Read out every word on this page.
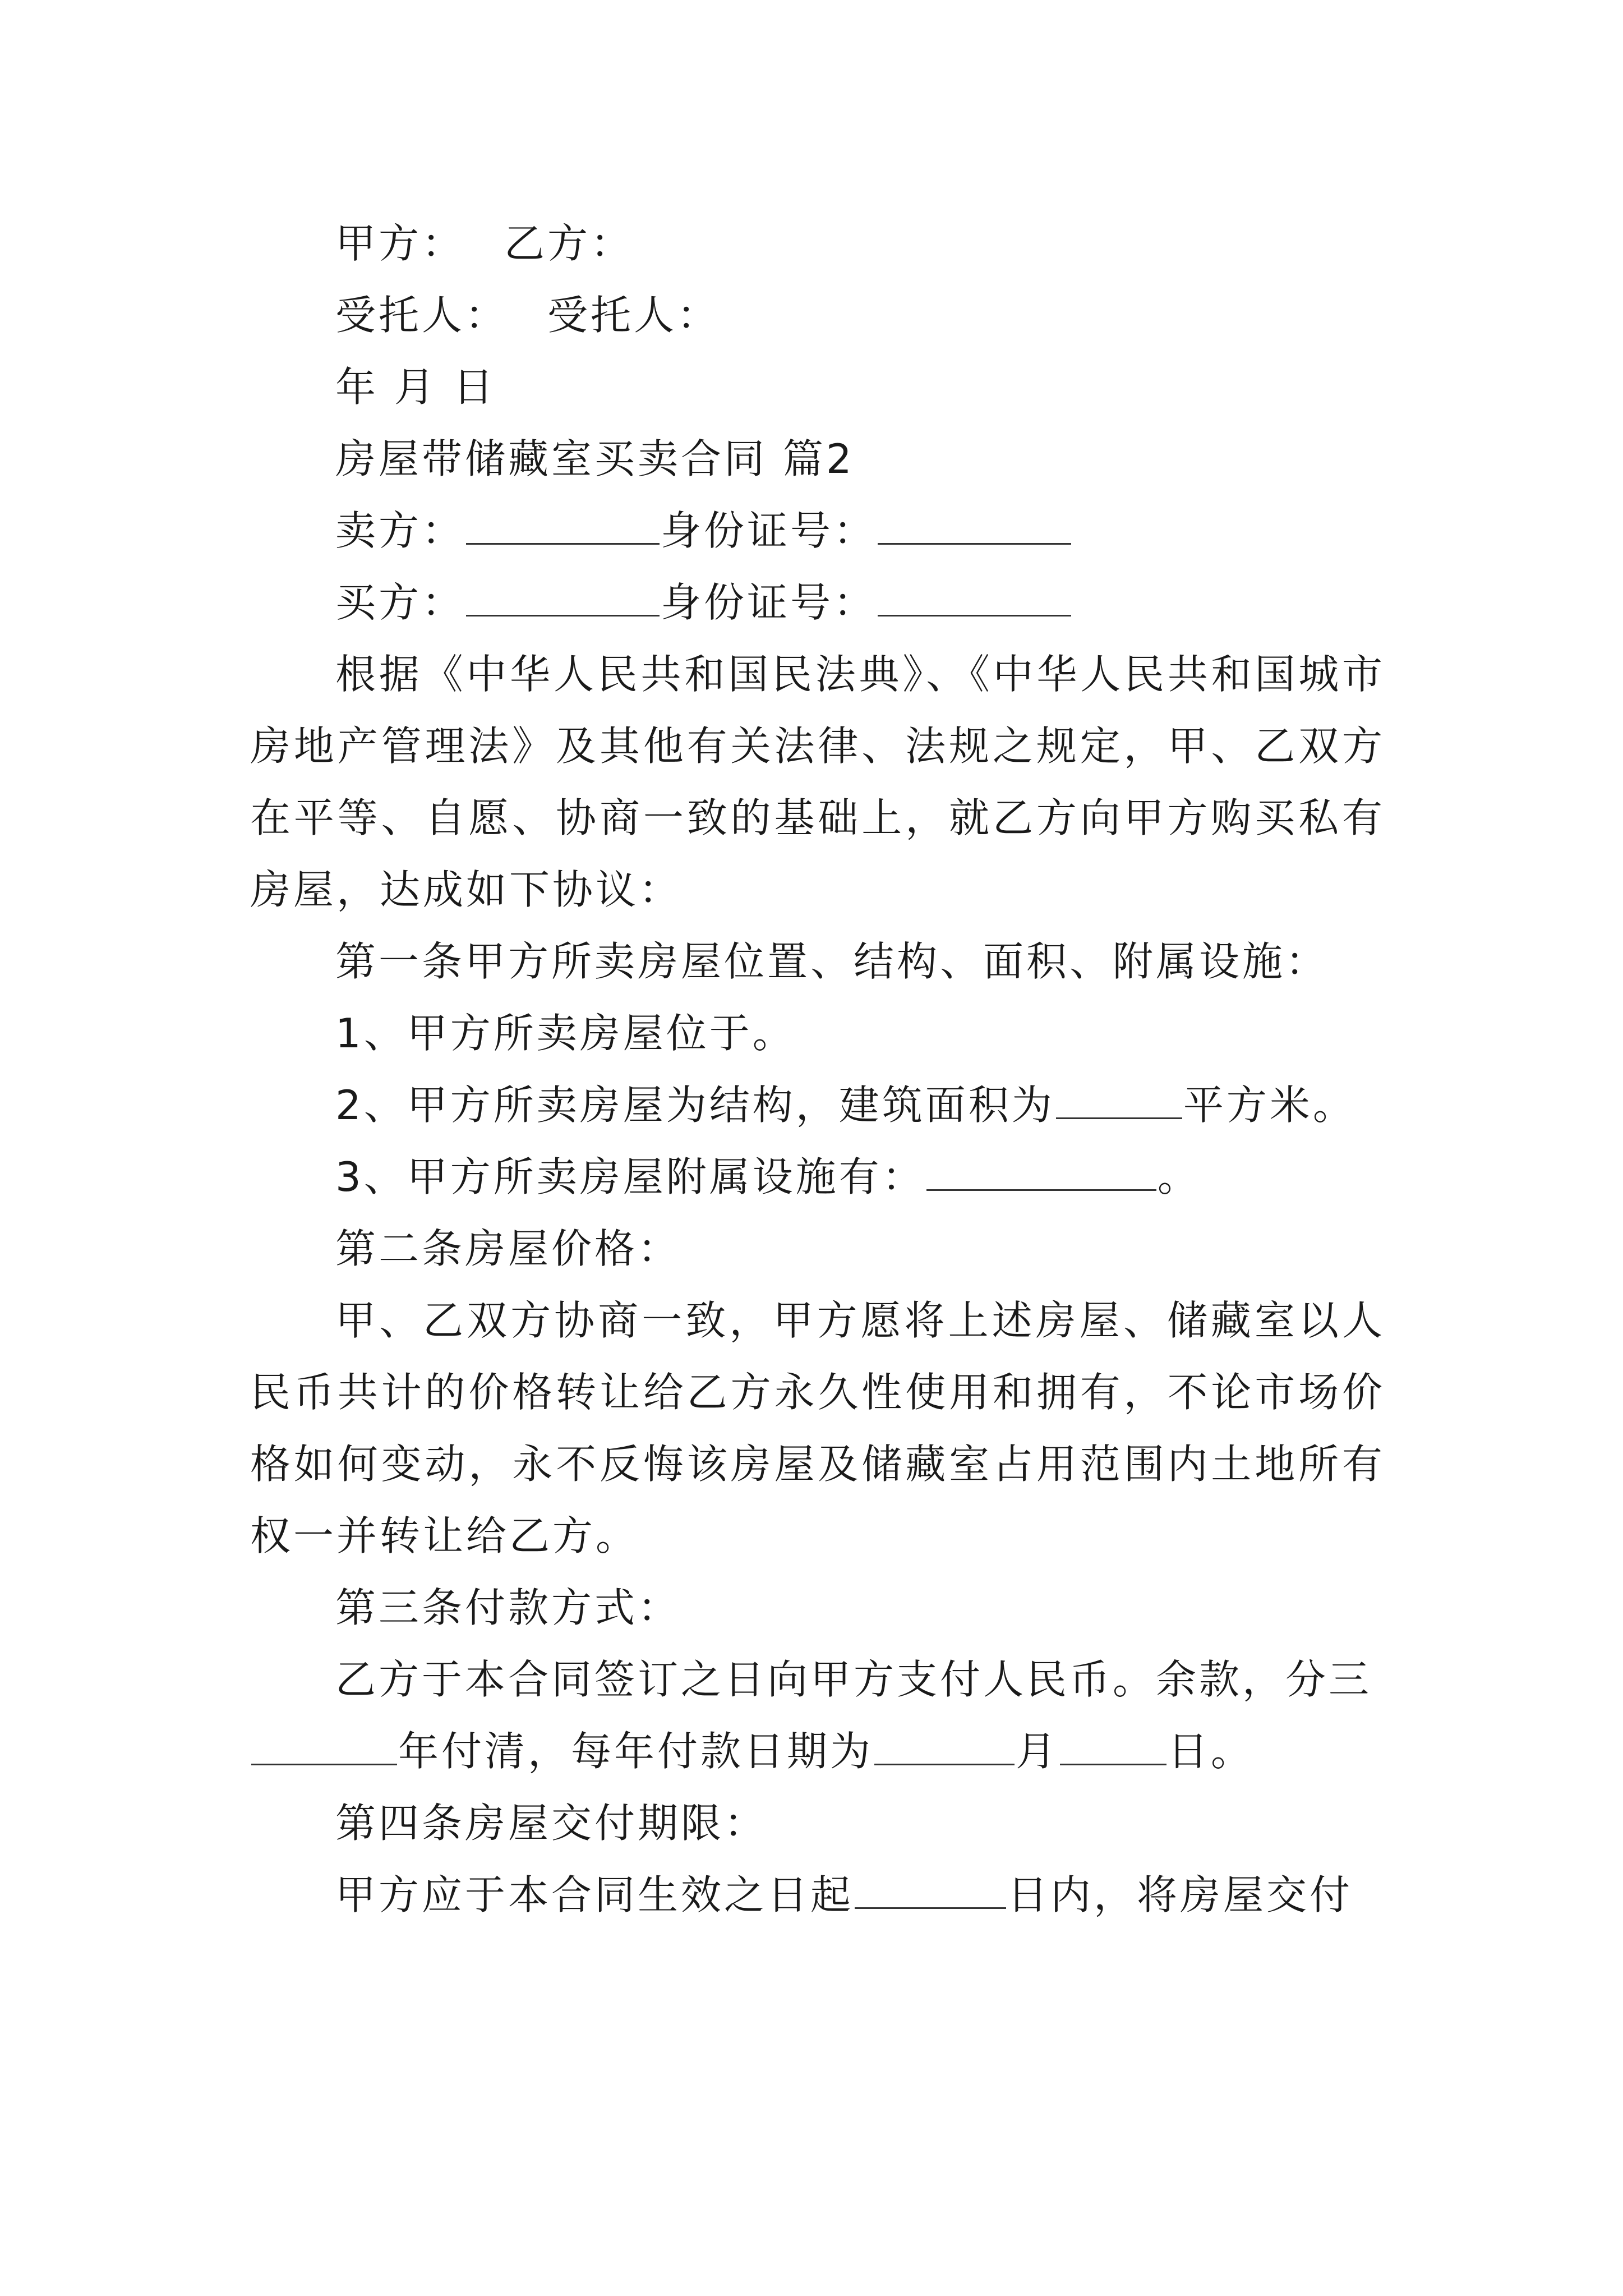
甲方： 乙方：
受托人： 受托人：
年 月 日
房屋带储藏室买卖合同 篇2
卖方：	身份证号：
买方：	身份证号：
根据《中华人民共和国民法典》、《中华人民共和国城市房地产管理法》及其他有关法律、法规之规定，甲、乙双方在平等、自愿、协商一致的基础上，就乙方向甲方购买私有房屋，达成如下协议：
第一条甲方所卖房屋位置、结构、面积、附属设施：
1、甲方所卖房屋位于。
2、甲方所卖房屋为结构，建筑面积为	平方米。
3、甲方所卖房屋附属设施有：	。
第二条房屋价格：
甲、乙双方协商一致，甲方愿将上述房屋、储藏室以人民币共计的价格转让给乙方永久性使用和拥有，不论市场价格如何变动，永不反悔该房屋及储藏室占用范围内土地所有权一并转让给乙方。
第三条付款方式：
乙方于本合同签订之日向甲方支付人民币。余款，分三
年付清，每年付款日期为	月	日。
第四条房屋交付期限：
甲方应于本合同生效之日起	日内，将房屋交付
